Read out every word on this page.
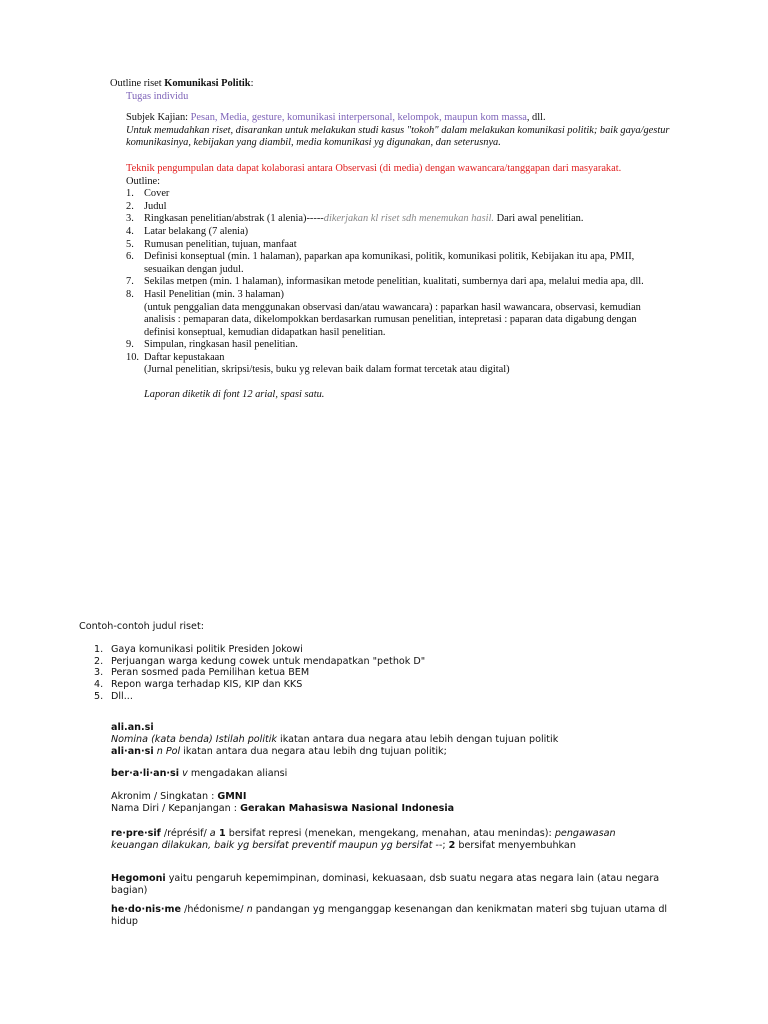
Outline riset Komunikasi Politik:

Tugas individu

Subjek Kajian: Pesan, Media, gesture, komunikasi interpersonal, kelompok, maupun kom massa, dll.

Untuk memudahkan riset, disarankan untuk melakukan studi kasus "tokoh" dalam melakukan komunikasi politik; baik gaya/gestur komunikasinya, kebijakan yang diambil, media komunikasi yg digunakan, dan seterusnya.

Teknik pengumpulan data dapat kolaborasi antara Observasi (di media) dengan wawancara/tanggapan dari masyarakat.

Outline:

1. Cover
2. Judul
3. Ringkasan penelitian/abstrak (1 alenia)-----dikerjakan kl riset sdh menemukan hasil. Dari awal penelitian.
4. Latar belakang (7 alenia)
5. Rumusan penelitian, tujuan, manfaat
6. Definisi konseptual (min. 1 halaman), paparkan apa komunikasi, politik, komunikasi politik, Kebijakan itu apa, PMII, sesuaikan dengan judul.
7. Sekilas metpen (min. 1 halaman), informasikan metode penelitian, kualitati, sumbernya dari apa, melalui media apa, dll.
8. Hasil Penelitian (min. 3 halaman)
(untuk penggalian data menggunakan observasi dan/atau wawancara) : paparkan hasil wawancara, observasi, kemudian analisis : pemaparan data, dikelompokkan berdasarkan rumusan penelitian, intepretasi : paparan data digabung dengan definisi konseptual, kemudian didapatkan hasil penelitian.
9. Simpulan, ringkasan hasil penelitian.
10. Daftar kepustakaan
(Jurnal penelitian, skripsi/tesis, buku yg relevan baik dalam format tercetak atau digital)

Laporan diketik di font 12 arial, spasi satu.

Contoh-contoh judul riset:

1. Gaya komunikasi politik Presiden Jokowi
2. Perjuangan warga kedung cowek untuk mendapatkan "pethok D"
3. Peran sosmed pada Pemilihan ketua BEM
4. Repon warga terhadap KIS, KIP dan KKS
5. Dll...

ali.an.si

Nomina (kata benda) Istilah politik ikatan antara dua negara atau lebih dengan tujuan politik

ali·an·si n Pol ikatan antara dua negara atau lebih dng tujuan politik;

ber·a·li·an·si v mengadakan aliansi

Akronim / Singkatan : GMNI

Nama Diri / Kepanjangan : Gerakan Mahasiswa Nasional Indonesia

re·pre·sif /réprésif/ a 1 bersifat represi (menekan, mengekang, menahan, atau menindas): pengawasan

keuangan dilakukan, baik yg bersifat preventif maupun yg bersifat --; 2 bersifat menyembuhkan

Hegomoni yaitu pengaruh kepemimpinan, dominasi, kekuasaan, dsb suatu negara atas negara lain (atau negara bagian)

he·do·nis·me /hédonisme/ n pandangan yg menganggap kesenangan dan kenikmatan materi sbg tujuan utama dl hidup
